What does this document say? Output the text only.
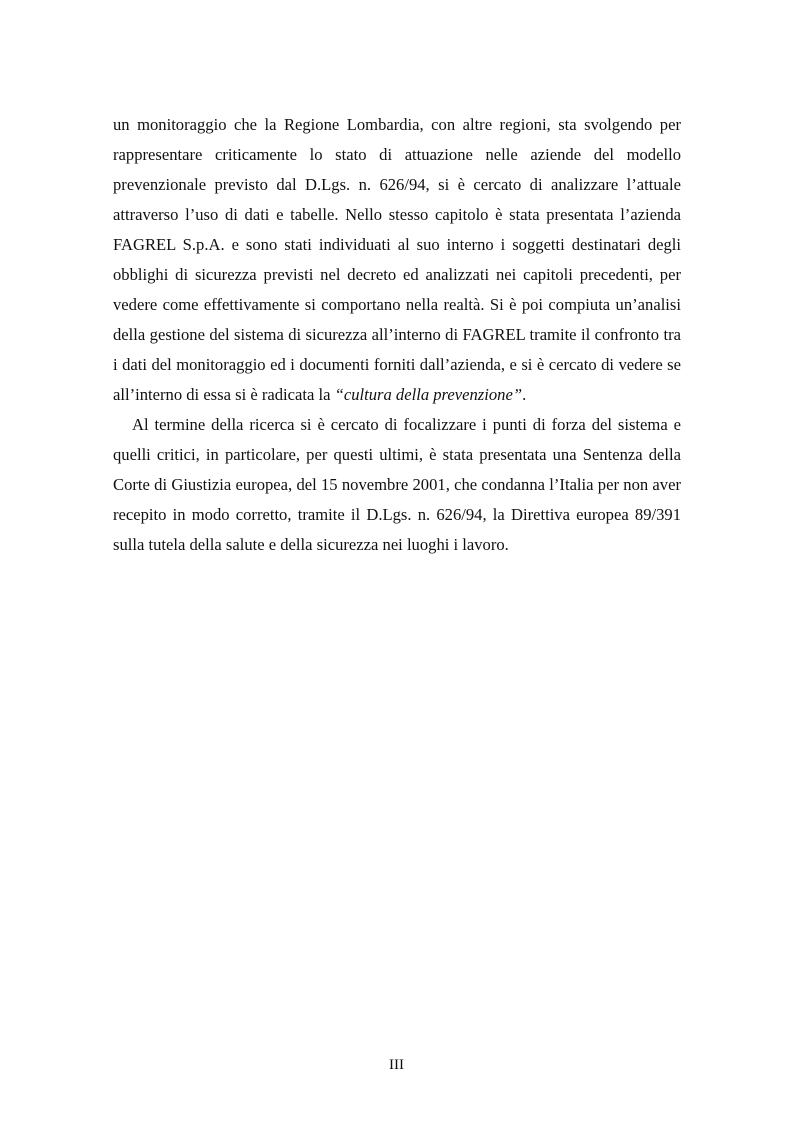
un monitoraggio che la Regione Lombardia, con altre regioni, sta svolgendo per rappresentare criticamente lo stato di attuazione nelle aziende del modello prevenzionale previsto dal D.Lgs. n. 626/94, si è cercato di analizzare l’attuale attraverso l’uso di dati e tabelle. Nello stesso capitolo è stata presentata l’azienda FAGREL S.p.A. e sono stati individuati al suo interno i soggetti destinatari degli obblighi di sicurezza previsti nel decreto ed analizzati nei capitoli precedenti, per vedere come effettivamente si comportano nella realtà. Si è poi compiuta un’analisi della gestione del sistema di sicurezza all’interno di FAGREL tramite il confronto tra i dati del monitoraggio ed i documenti forniti dall’azienda, e si è cercato di vedere se all’interno di essa si è radicata la “cultura della prevenzione”.

Al termine della ricerca si è cercato di focalizzare i punti di forza del sistema e quelli critici, in particolare, per questi ultimi, è stata presentata una Sentenza della Corte di Giustizia europea, del 15 novembre 2001, che condanna l’Italia per non aver recepito in modo corretto, tramite il D.Lgs. n. 626/94, la Direttiva europea 89/391 sulla tutela della salute e della sicurezza nei luoghi i lavoro.

III
